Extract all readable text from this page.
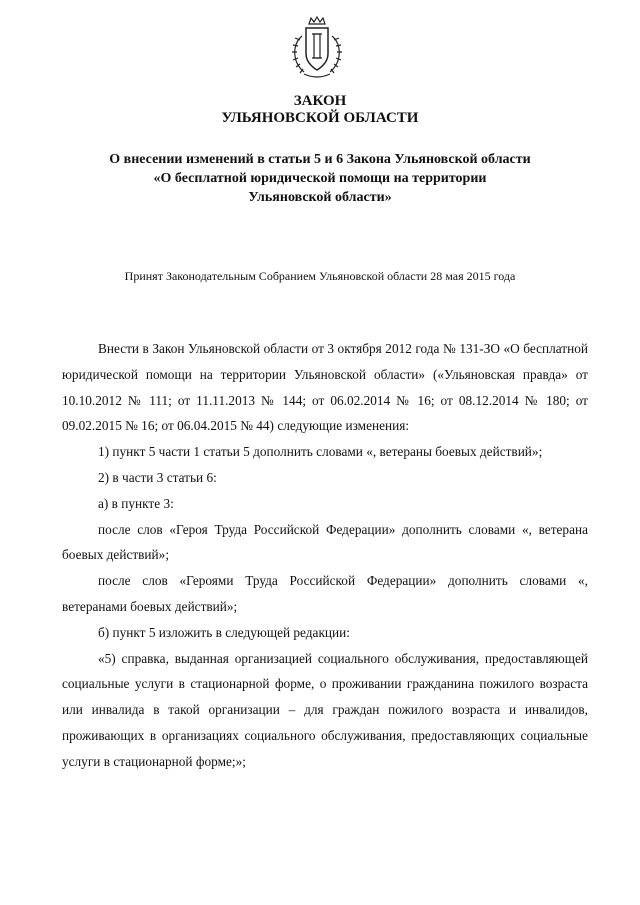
ЗАКОН
УЛЬЯНОВСКОЙ ОБЛАСТИ
О внесении изменений в статьи 5 и 6 Закона Ульяновской области
«О бесплатной юридической помощи на территории
Ульяновской области»
Принят Законодательным Собранием Ульяновской области 28 мая 2015 года

Внести в Закон Ульяновской области от 3 октября 2012 года № 131-ЗО «О бесплатной юридической помощи на территории Ульяновской области» («Ульяновская правда» от 10.10.2012 № 111; от 11.11.2013 № 144; от 06.02.2014 № 16; от 08.12.2014 № 180; от 09.02.2015 № 16; от 06.04.2015 № 44) следующие изменения:

1) пункт 5 части 1 статьи 5 дополнить словами «, ветераны боевых действий»;

2) в части 3 статьи 6:

а) в пункте 3:

после слов «Героя Труда Российской Федерации» дополнить словами «, ветерана боевых действий»;

после слов «Героями Труда Российской Федерации» дополнить словами «, ветеранами боевых действий»;

б) пункт 5 изложить в следующей редакции:

«5) справка, выданная организацией социального обслуживания, предоставляющей социальные услуги в стационарной форме, о проживании гражданина пожилого возраста или инвалида в такой организации – для граждан пожилого возраста и инвалидов, проживающих в организациях социального обслуживания, предоставляющих социальные услуги в стационарной форме;»;
